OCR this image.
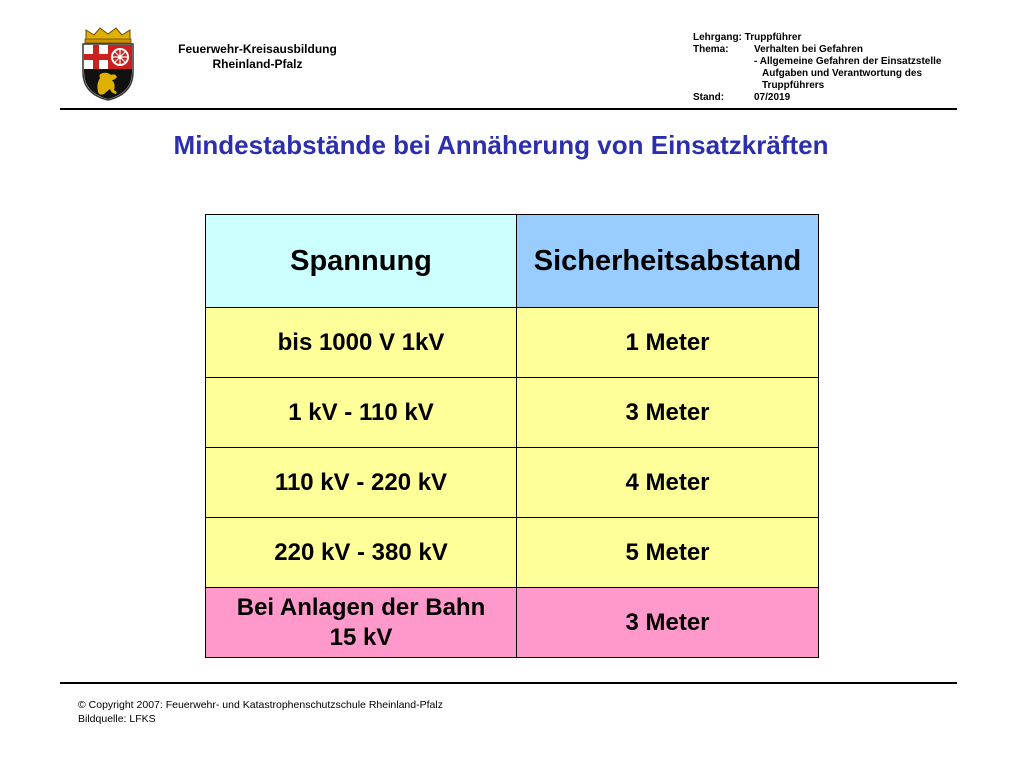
Feuerwehr-Kreisausbildung
Rheinland-Pfalz
Lehrgang: Truppführer
Thema:	Verhalten bei Gefahren
- Allgemeine Gefahren der Einsatzstelle
Aufgaben und Verantwortung des
Truppführers
Stand:	07/2019
Mindestabstände bei Annäherung von Einsatzkräften
Spannung	Sicherheitsabstand
bis 1000 V 1kV	1 Meter
1 kV - 110 kV	3 Meter
110 kV - 220 kV	4 Meter
220 kV - 380 kV	5 Meter

Bei Anlagen der Bahn
15 kV	3 Meter
© Copyright 2007: Feuerwehr- und Katastrophenschutzschule Rheinland-Pfalz
Bildquelle: LFKS
